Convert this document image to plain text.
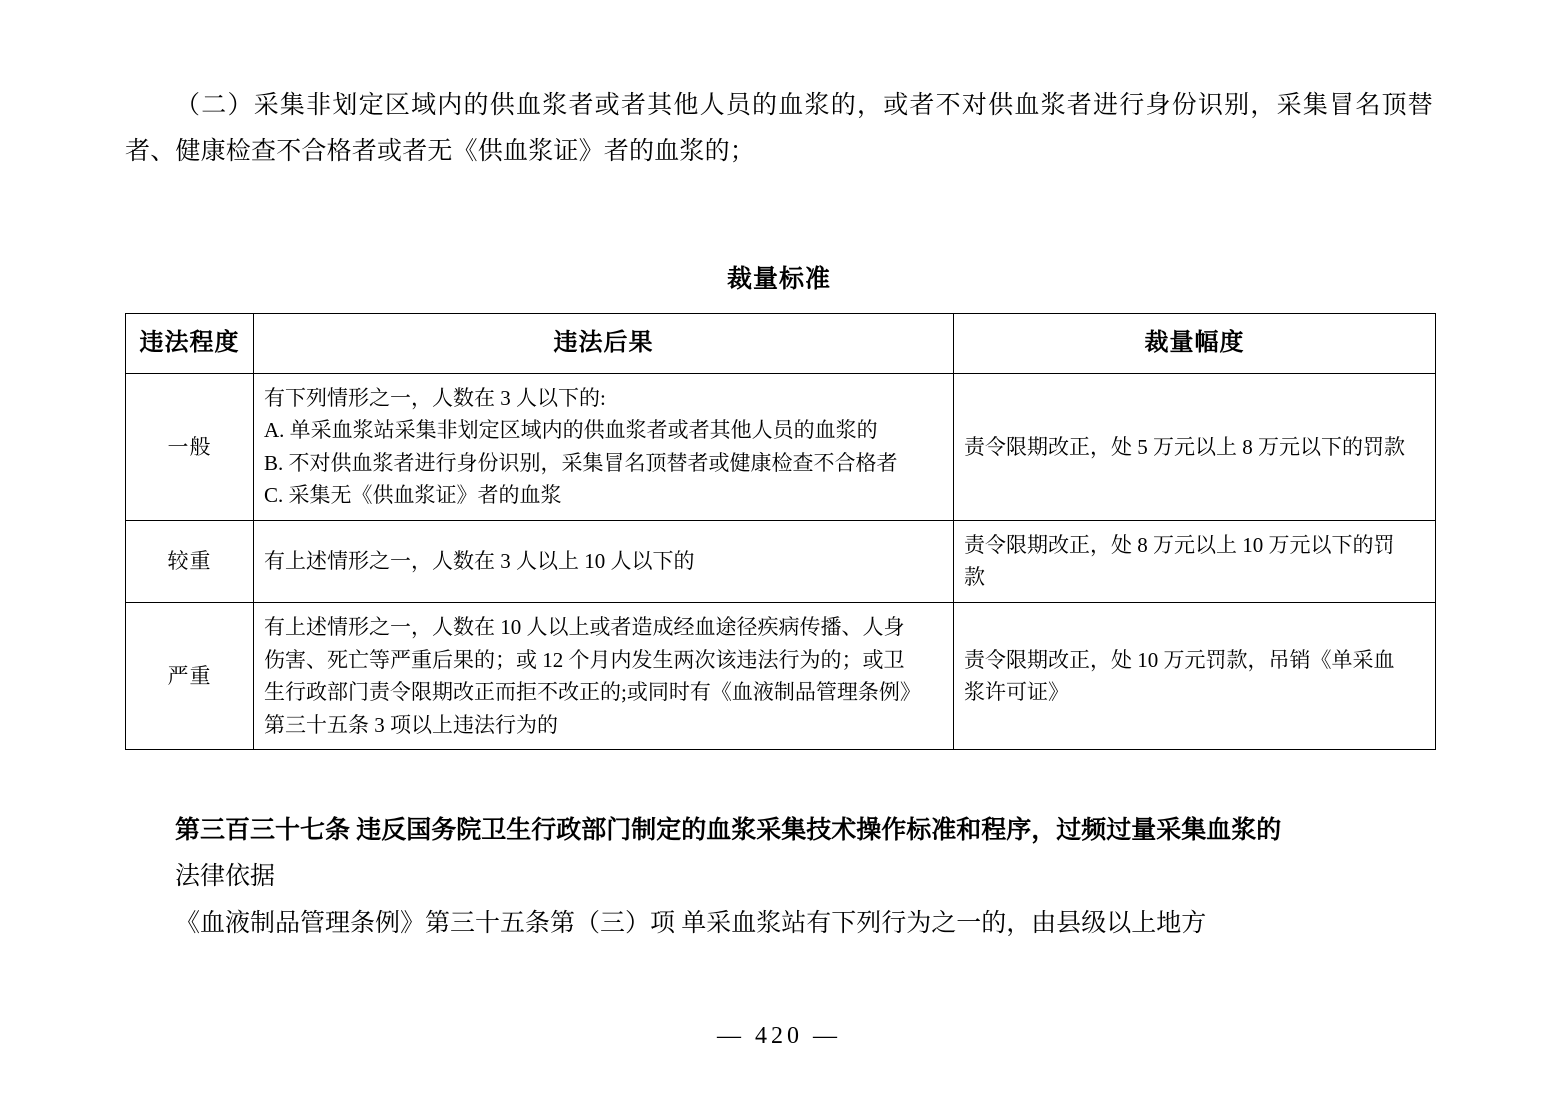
（二）采集非划定区域内的供血浆者或者其他人员的血浆的，或者不对供血浆者进行身份识别，采集冒名顶替者、健康检查不合格者或者无《供血浆证》者的血浆的；

裁量标准
违法程度	违法后果	裁量幅度
一般	有下列情形之一，人数在 3 人以下的:
A. 单采血浆站采集非划定区域内的供血浆者或者其他人员的血浆的
B. 不对供血浆者进行身份识别，采集冒名顶替者或健康检查不合格者
C. 采集无《供血浆证》者的血浆	责令限期改正，处 5 万元以上 8 万元以下的罚款

较重	有上述情形之一，人数在 3 人以上 10 人以下的	责令限期改正，处 8 万元以上 10 万元以下的罚
款

严重	有上述情形之一，人数在 10 人以上或者造成经血途径疾病传播、人身
伤害、死亡等严重后果的；或 12 个月内发生两次该违法行为的；或卫
生行政部门责令限期改正而拒不改正的;或同时有《血液制品管理条例》
第三十五条 3 项以上违法行为的	责令限期改正，处 10 万元罚款，吊销《单采血
浆许可证》

第三百三十七条 违反国务院卫生行政部门制定的血浆采集技术操作标准和程序，过频过量采集血浆的

法律依据

《血液制品管理条例》第三十五条第（三）项 单采血浆站有下列行为之一的，由县级以上地方

— 420 —
